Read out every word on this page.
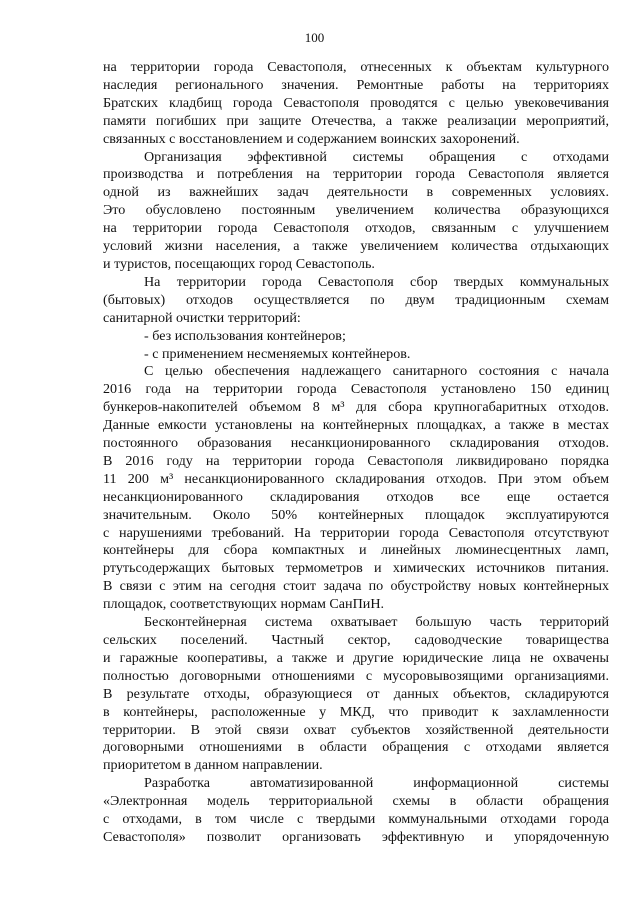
100

на территории города Севастополя, отнесенных к объектам культурного

наследия регионального значения. Ремонтные работы на территориях

Братских кладбищ города Севастополя проводятся с целью увековечивания

памяти погибших при защите Отечества, а также реализации мероприятий,

связанных с восстановлением и содержанием воинских захоронений.

Организация эффективной системы обращения с отходами

производства и потребления на территории города Севастополя является

одной из важнейших задач деятельности в современных условиях.

Это обусловлено постоянным увеличением количества образующихся

на территории города Севастополя отходов, связанным с улучшением

условий жизни населения, а также увеличением количества отдыхающих

и туристов, посещающих город Севастополь.

На территории города Севастополя сбор твердых коммунальных

(бытовых) отходов осуществляется по двум традиционным схемам

санитарной очистки территорий:

- без использования контейнеров;

- с применением несменяемых контейнеров.

С целью обеспечения надлежащего санитарного состояния с начала

2016 года на территории города Севастополя установлено 150 единиц

бункеров-накопителей объемом 8 м³ для сбора крупногабаритных отходов.

Данные емкости установлены на контейнерных площадках, а также в местах

постоянного образования несанкционированного складирования отходов.

В 2016 году на территории города Севастополя ликвидировано порядка

11 200 м³ несанкционированного складирования отходов. При этом объем

несанкционированного складирования отходов все еще остается

значительным. Около 50% контейнерных площадок эксплуатируются

с нарушениями требований. На территории города Севастополя отсутствуют

контейнеры для сбора компактных и линейных люминесцентных ламп,

ртутьсодержащих бытовых термометров и химических источников питания.

В связи с этим на сегодня стоит задача по обустройству новых контейнерных

площадок, соответствующих нормам СанПиН.

Бесконтейнерная система охватывает большую часть территорий

сельских поселений. Частный сектор, садоводческие товарищества

и гаражные кооперативы, а также и другие юридические лица не охвачены

полностью договорными отношениями с мусоровывозящими организациями.

В результате отходы, образующиеся от данных объектов, складируются

в контейнеры, расположенные у МКД, что приводит к захламленности

территории. В этой связи охват субъектов хозяйственной деятельности

договорными отношениями в области обращения с отходами является

приоритетом в данном направлении.

Разработка автоматизированной информационной системы

«Электронная модель территориальной схемы в области обращения

с отходами, в том числе с твердыми коммунальными отходами города

Севастополя» позволит организовать эффективную и упорядоченную
